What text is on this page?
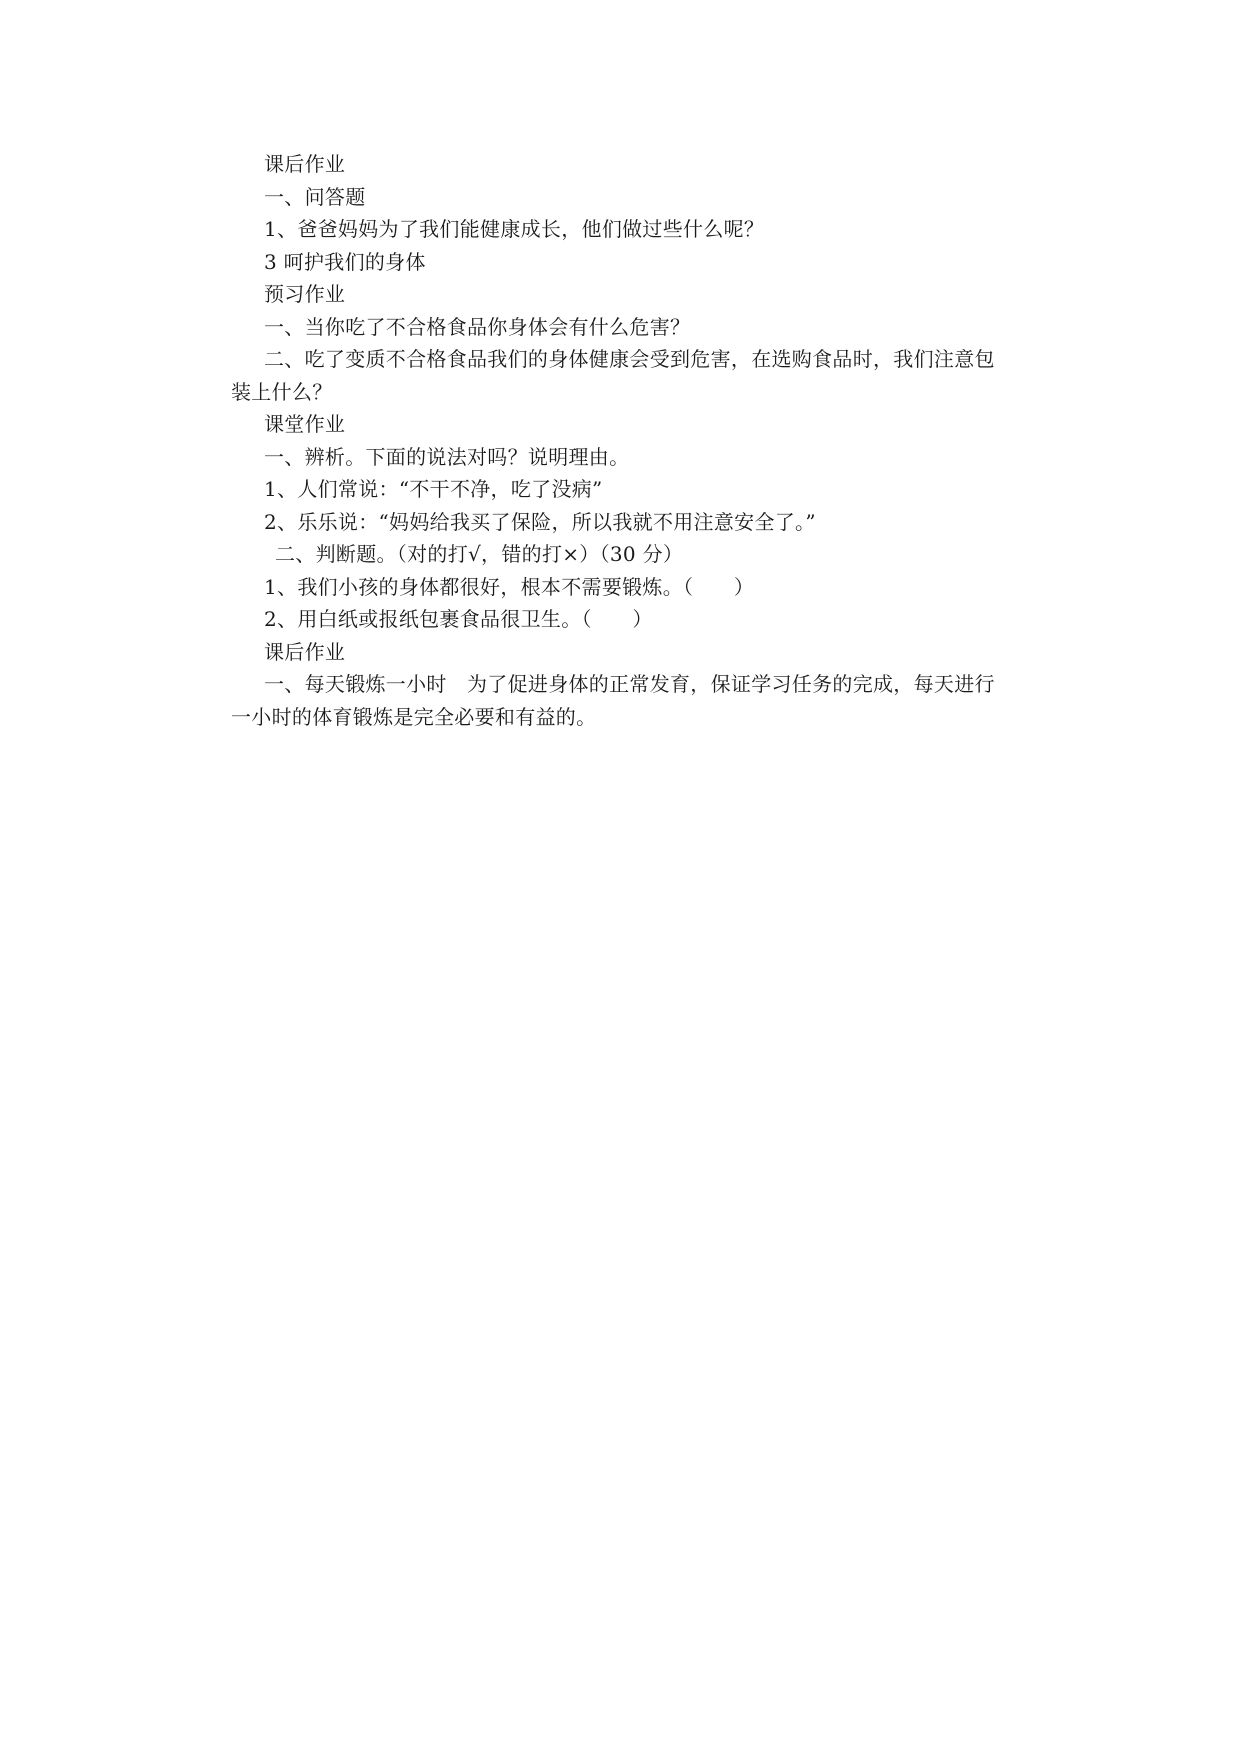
课后作业
一、问答题
1、爸爸妈妈为了我们能健康成长，他们做过些什么呢？
3 呵护我们的身体
预习作业
一、当你吃了不合格食品你身体会有什么危害？
二、吃了变质不合格食品我们的身体健康会受到危害，在选购食品时，我们注意包
装上什么？
课堂作业
一、辨析。下面的说法对吗？说明理由。
1、人们常说：“不干不净，吃了没病”
2、乐乐说：“妈妈给我买了保险，所以我就不用注意安全了。”
二、判断题。（对的打√，错的打×）（30 分）
1、我们小孩的身体都很好，根本不需要锻炼。（　　）
2、用白纸或报纸包裹食品很卫生。（　　）
课后作业
一、每天锻炼一小时　为了促进身体的正常发育，保证学习任务的完成，每天进行
一小时的体育锻炼是完全必要和有益的。
